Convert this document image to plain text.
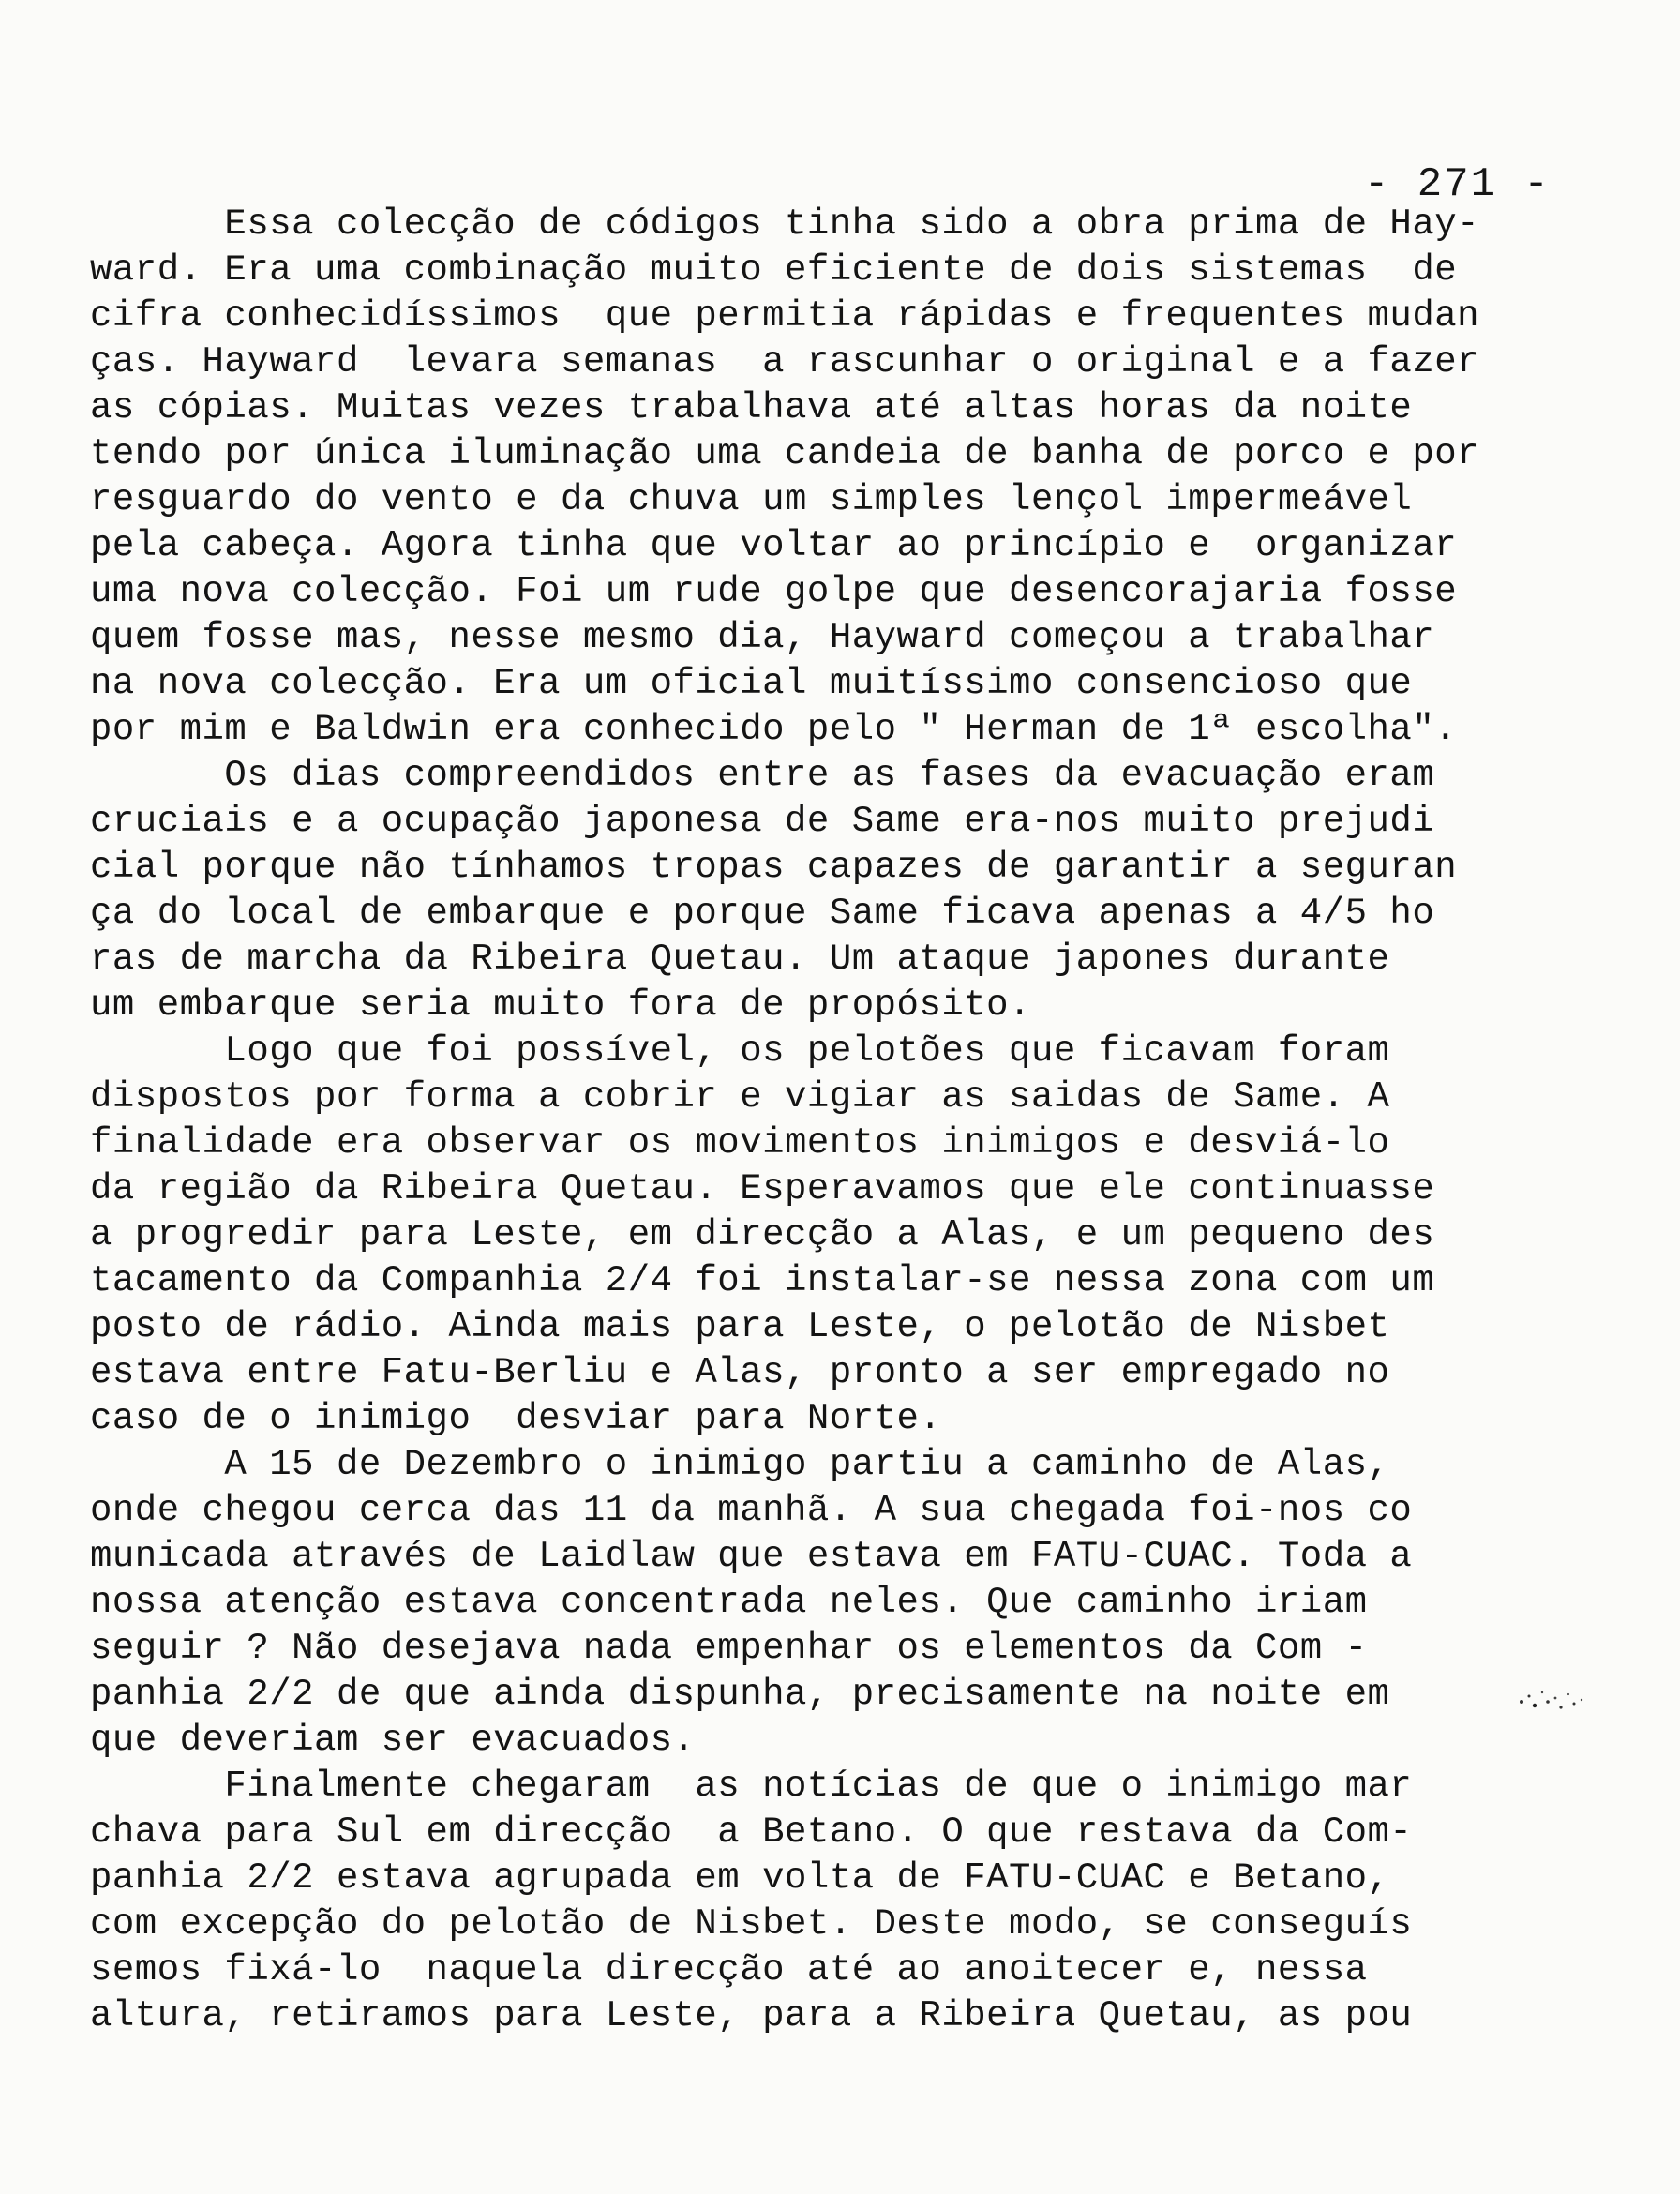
- 271 -
Essa colecção de códigos tinha sido a obra prima de Hay-
ward. Era uma combinação muito eficiente de dois sistemas  de
cifra conhecidíssimos  que permitia rápidas e frequentes mudan
ças. Hayward  levara semanas  a rascunhar o original e a fazer
as cópias. Muitas vezes trabalhava até altas horas da noite
tendo por única iluminação uma candeia de banha de porco e por
resguardo do vento e da chuva um simples lençol impermeável
pela cabeça. Agora tinha que voltar ao princípio e  organizar
uma nova colecção. Foi um rude golpe que desencorajaria fosse
quem fosse mas, nesse mesmo dia, Hayward começou a trabalhar
na nova colecção. Era um oficial muitíssimo consencioso que
por mim e Baldwin era conhecido pelo " Herman de 1ª escolha".
Os dias compreendidos entre as fases da evacuação eram
cruciais e a ocupação japonesa de Same era-nos muito prejudi
cial porque não tínhamos tropas capazes de garantir a seguran
ça do local de embarque e porque Same ficava apenas a 4/5 ho
ras de marcha da Ribeira Quetau. Um ataque japones durante
um embarque seria muito fora de propósito.
Logo que foi possível, os pelotões que ficavam foram
dispostos por forma a cobrir e vigiar as saidas de Same. A
finalidade era observar os movimentos inimigos e desviá-lo
da região da Ribeira Quetau. Esperavamos que ele continuasse
a progredir para Leste, em direcção a Alas, e um pequeno des
tacamento da Companhia 2/4 foi instalar-se nessa zona com um
posto de rádio. Ainda mais para Leste, o pelotão de Nisbet
estava entre Fatu-Berliu e Alas, pronto a ser empregado no
caso de o inimigo  desviar para Norte.
A 15 de Dezembro o inimigo partiu a caminho de Alas,
onde chegou cerca das 11 da manhã. A sua chegada foi-nos co
municada através de Laidlaw que estava em FATU-CUAC. Toda a
nossa atenção estava concentrada neles. Que caminho iriam
seguir ? Não desejava nada empenhar os elementos da Com -
panhia 2/2 de que ainda dispunha, precisamente na noite em
que deveriam ser evacuados.
Finalmente chegaram  as notícias de que o inimigo mar
chava para Sul em direcção  a Betano. O que restava da Com-
panhia 2/2 estava agrupada em volta de FATU-CUAC e Betano,
com excepção do pelotão de Nisbet. Deste modo, se conseguís
semos fixá-lo  naquela direcção até ao anoitecer e, nessa
altura, retiramos para Leste, para a Ribeira Quetau, as pou
